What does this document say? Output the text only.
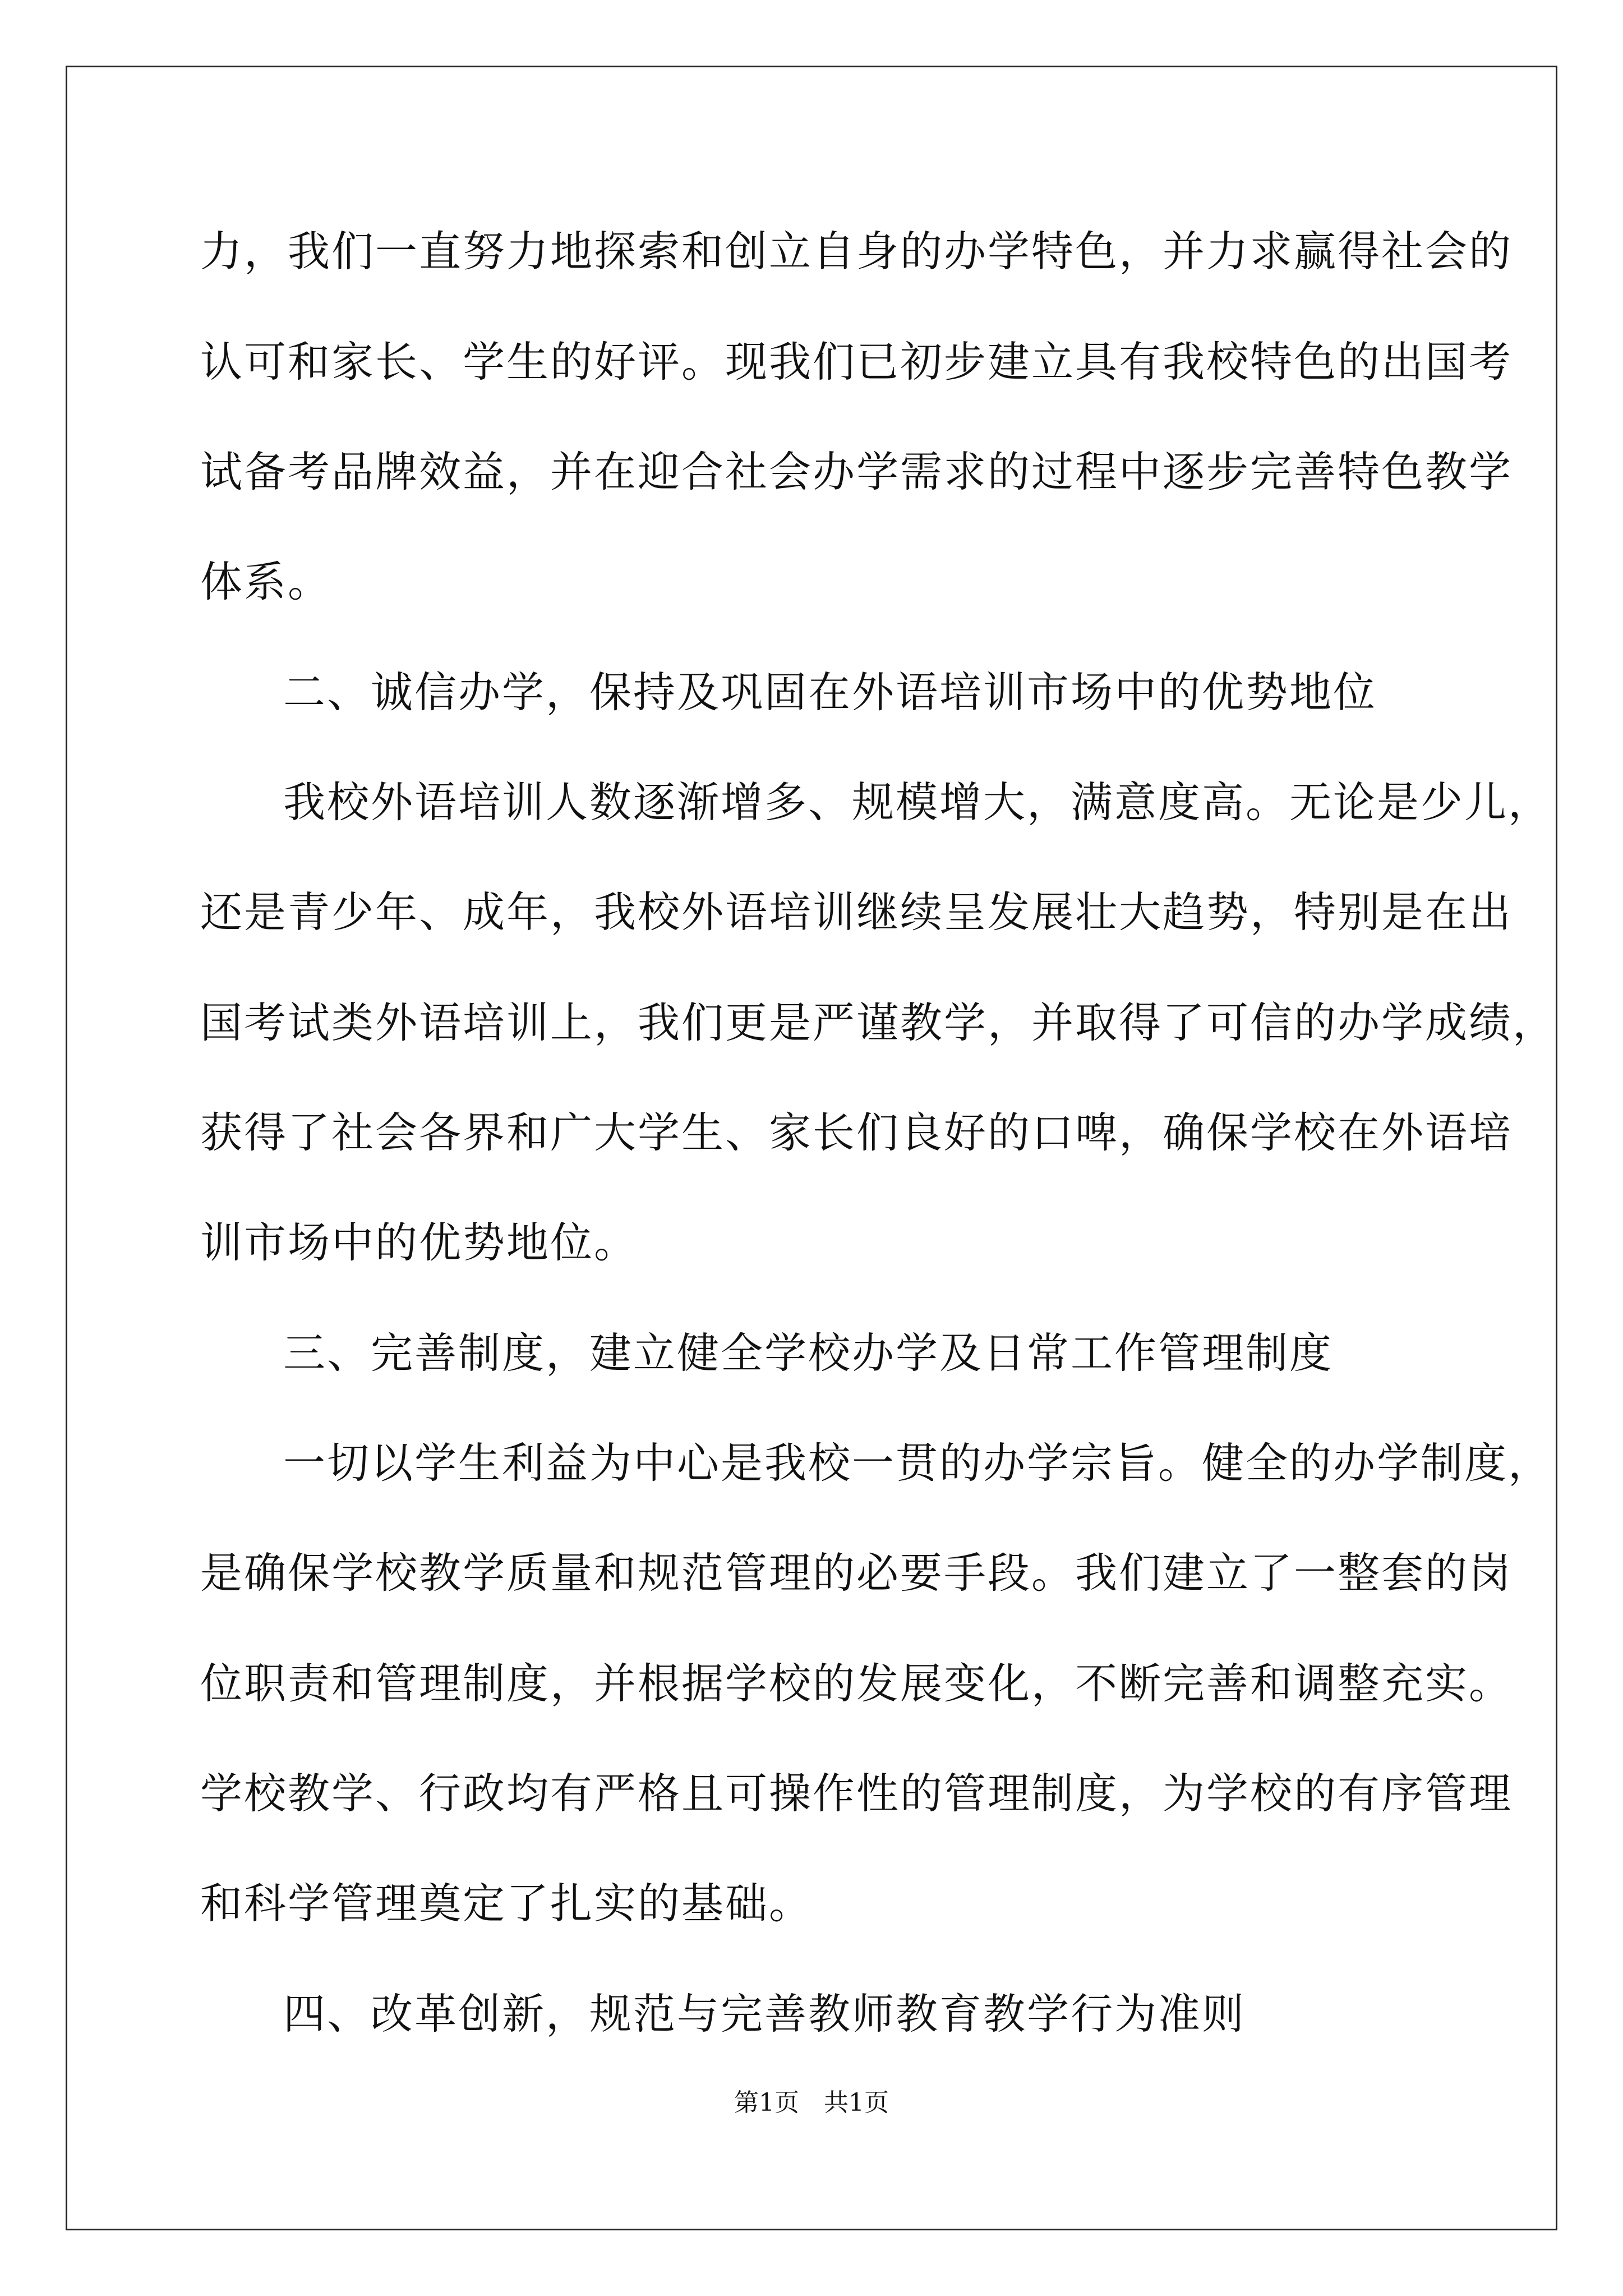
力，我们一直努力地探索和创立自身的办学特色，并力求赢得社会的
认可和家长、学生的好评。现我们已初步建立具有我校特色的出国考
试备考品牌效益，并在迎合社会办学需求的过程中逐步完善特色教学
体系。
二、诚信办学，保持及巩固在外语培训市场中的优势地位
我校外语培训人数逐渐增多、规模增大，满意度高。无论是少儿，
还是青少年、成年，我校外语培训继续呈发展壮大趋势，特别是在出
国考试类外语培训上，我们更是严谨教学，并取得了可信的办学成绩，
获得了社会各界和广大学生、家长们良好的口啤，确保学校在外语培
训市场中的优势地位。
三、完善制度，建立健全学校办学及日常工作管理制度
一切以学生利益为中心是我校一贯的办学宗旨。健全的办学制度，
是确保学校教学质量和规范管理的必要手段。我们建立了一整套的岗
位职责和管理制度，并根据学校的发展变化，不断完善和调整充实。
学校教学、行政均有严格且可操作性的管理制度，为学校的有序管理
和科学管理奠定了扎实的基础。
四、改革创新，规范与完善教师教育教学行为准则
第1页　共1页
